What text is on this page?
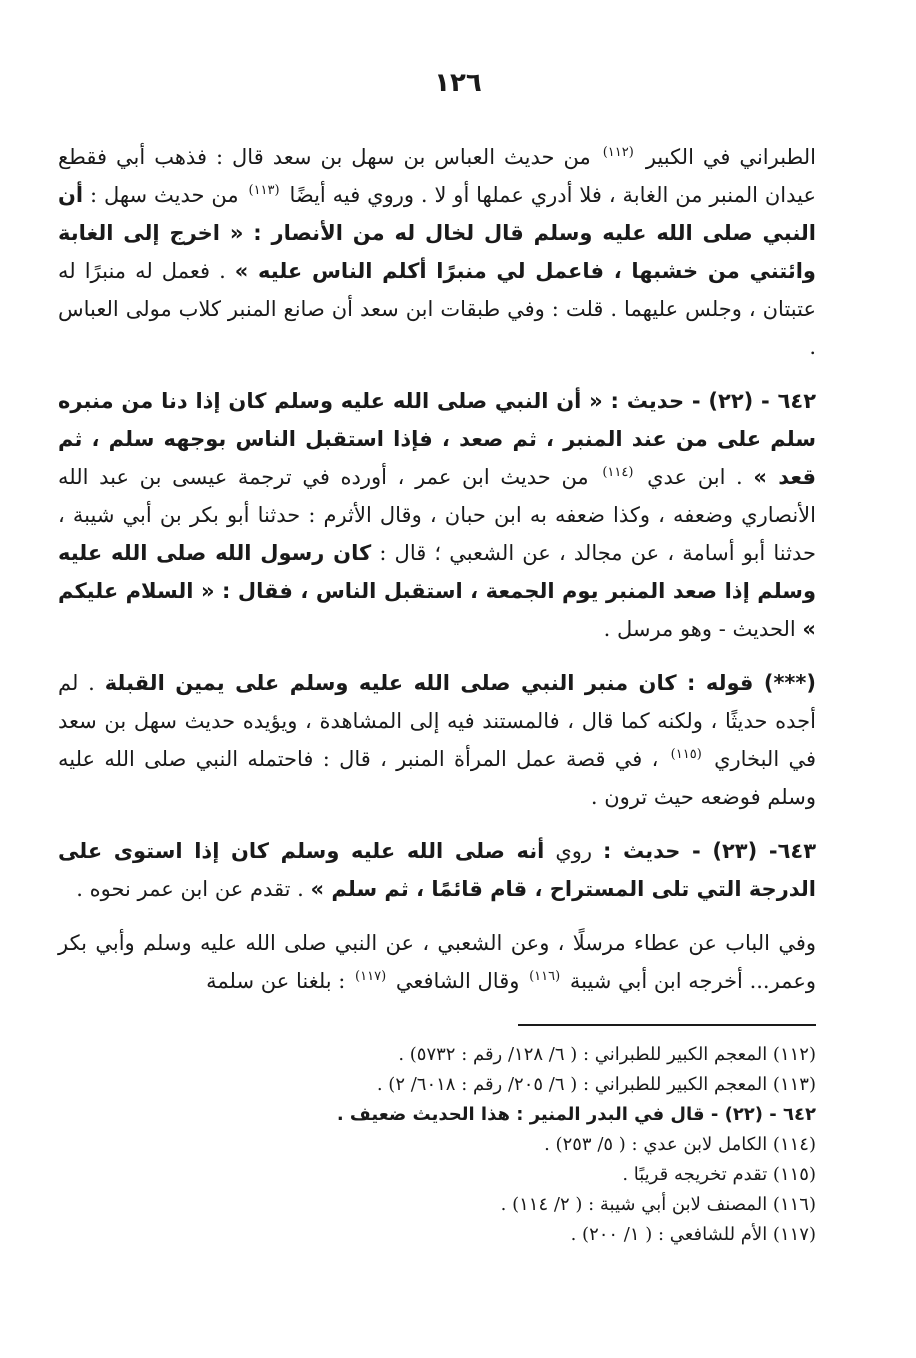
١٢٦

الطبراني في الكبير $^{(١١٢)}$ من حديث العباس بن سهل بن سعد قال : فذهب أبي فقطع عيدان المنبر من الغابة ، فلا أدري عملها أو لا . وروي فيه أيضًا $^{(١١٣)}$ من حديث سهل : أن النبي صلى الله عليه وسلم قال لخال له من الأنصار : « اخرج إلى الغابة وائتني من خشبها ، فاعمل لي منبرًا أكلم الناس عليه » . فعمل له منبرًا له عتبتان ، وجلس عليهما . قلت : وفي طبقات ابن سعد أن صانع المنبر كلاب مولى العباس .

٦٤٢ - (٢٢) - حديث : « أن النبي صلى الله عليه وسلم كان إذا دنا من منبره سلم على من عند المنبر ، ثم صعد ، فإذا استقبل الناس بوجهه سلم ، ثم قعد » . ابن عدي $^{(١١٤)}$ من حديث ابن عمر ، أورده في ترجمة عيسى بن عبد الله الأنصاري وضعفه ، وكذا ضعفه به ابن حبان ، وقال الأثرم : حدثنا أبو بكر بن أبي شيبة ، حدثنا أبو أسامة ، عن مجالد ، عن الشعبي ؛ قال : كان رسول الله صلى الله عليه وسلم إذا صعد المنبر يوم الجمعة ، استقبل الناس ، فقال : « السلام عليكم » الحديث - وهو مرسل .

(***) قوله : كان منبر النبي صلى الله عليه وسلم على يمين القبلة . لم أجده حديثًا ، ولكنه كما قال ، فالمستند فيه إلى المشاهدة ، ويؤيده حديث سهل بن سعد في البخاري $^{(١١٥)}$ ، في قصة عمل المرأة المنبر ، قال : فاحتمله النبي صلى الله عليه وسلم فوضعه حيث ترون .

٦٤٣- (٢٣) - حديث : روي أنه صلى الله عليه وسلم كان إذا استوى على الدرجة التي تلى المستراح ، قام قائمًا ، ثم سلم » . تقدم عن ابن عمر نحوه .

وفي الباب عن عطاء مرسلًا ، وعن الشعبي ، عن النبي صلى الله عليه وسلم وأبي بكر وعمر... أخرجه ابن أبي شيبة $^{(١١٦)}$ وقال الشافعي $^{(١١٧)}$ : بلغنا عن سلمة

(١١٢) المعجم الكبير للطبراني : ( ٦/ ١٢٨/ رقم : ٥٧٣٢) .

(١١٣) المعجم الكبير للطبراني : ( ٦/ ٢٠٥/ رقم : ٦٠١٨/ ٢) .

٦٤٢ - (٢٢) - قال في البدر المنير : هذا الحديث ضعيف .

(١١٤) الكامل لابن عدي : ( ٥/ ٢٥٣) .

(١١٥) تقدم تخريجه قريبًا .

(١١٦) المصنف لابن أبي شيبة : ( ٢/ ١١٤) .

(١١٧) الأم للشافعي : ( ١/ ٢٠٠) .
